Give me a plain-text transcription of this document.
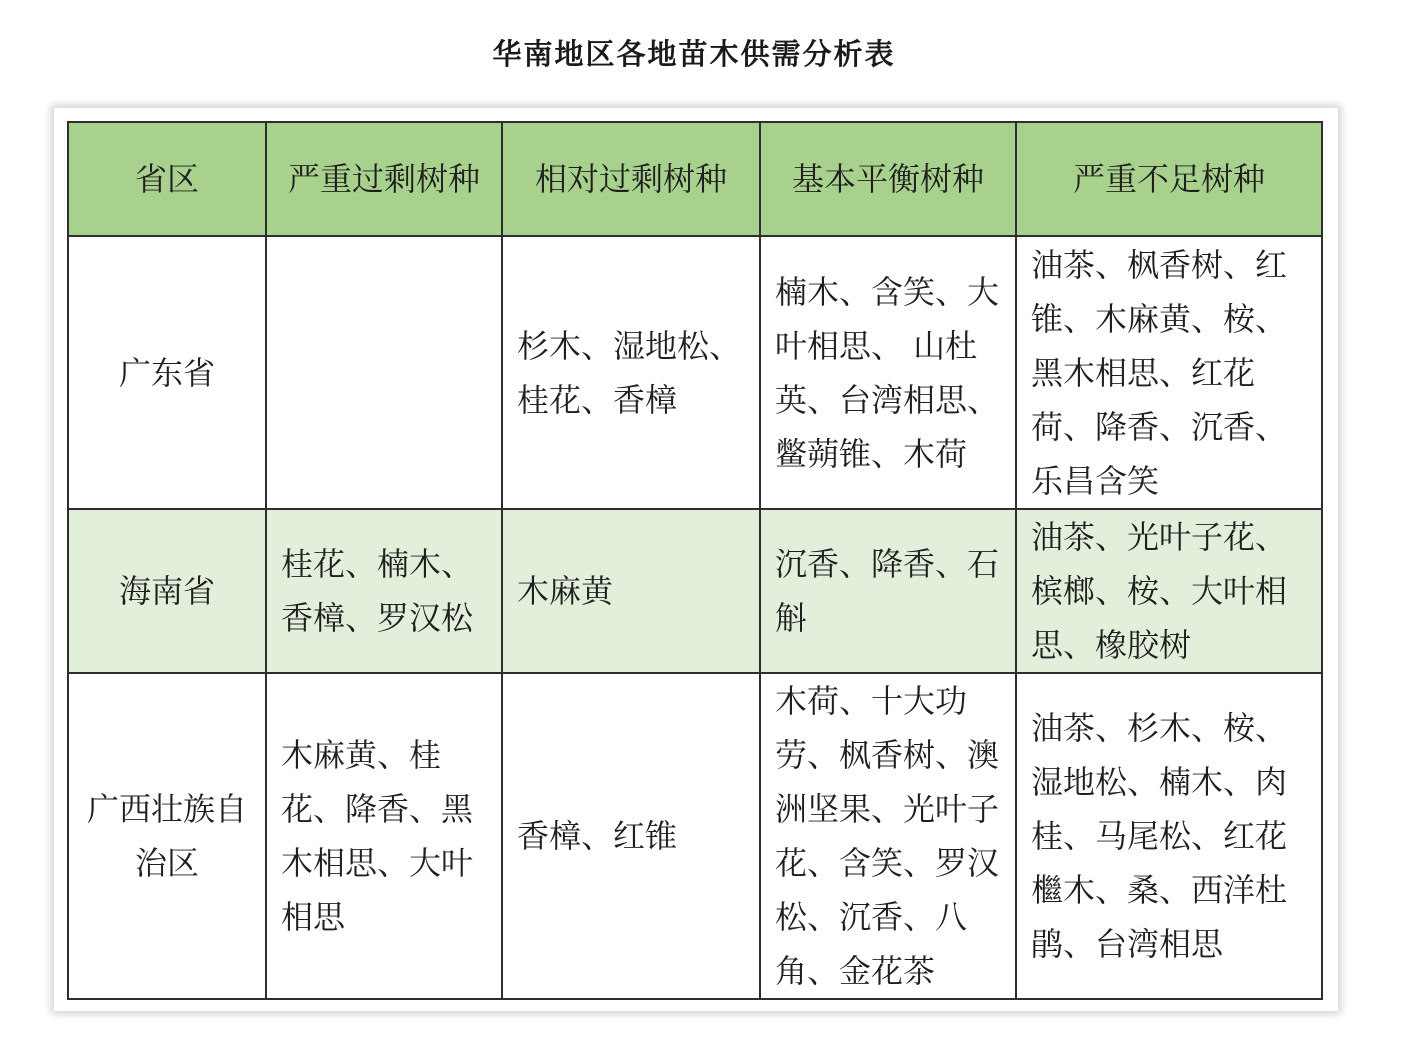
华南地区各地苗木供需分析表
省区	严重过剩树种	相对过剩树种	基本平衡树种	严重不足树种
广东省		杉木、湿地松、桂花、香樟	楠木、含笑、大叶相思、 山杜英、台湾相思、鳖蒴锥、木荷	油茶、枫香树、红锥、木麻黄、桉、黑木相思、红花荷、降香、沉香、乐昌含笑
海南省	桂花、楠木、香樟、罗汉松	木麻黄	沉香、降香、石斛	油茶、光叶子花、槟榔、桉、大叶相思、橡胶树
广西壮族自治区	木麻黄、桂花、降香、黑木相思、大叶相思	香樟、红锥	木荷、十大功劳、枫香树、澳洲坚果、光叶子花、含笑、罗汉松、沉香、八角、金花茶	油茶、杉木、桉、湿地松、楠木、肉桂、马尾松、红花檵木、桑、西洋杜鹃、台湾相思
